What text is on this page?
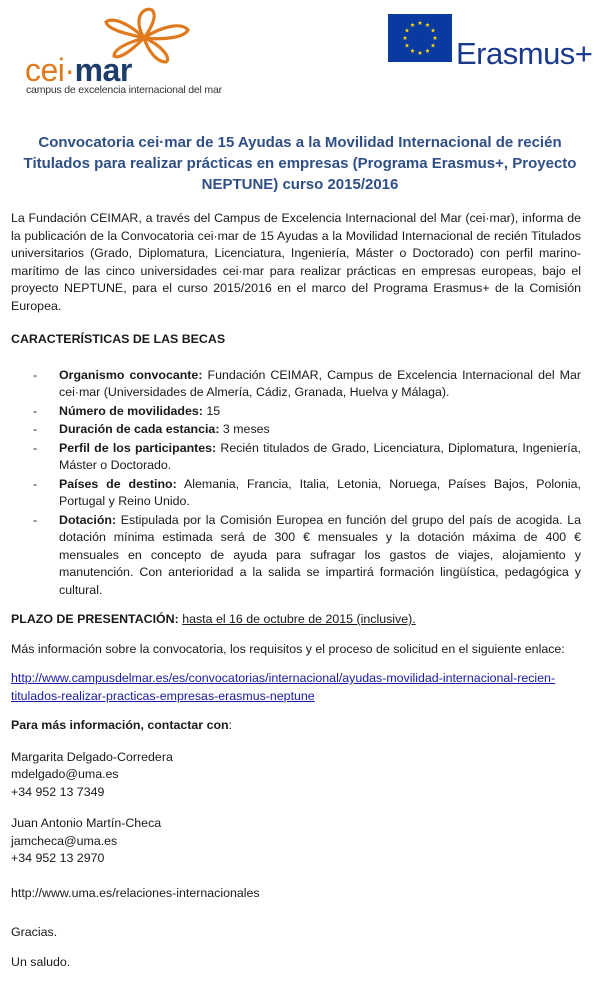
cei·mar
campus de excelencia internacional del mar
Erasmus+
Convocatoria cei·mar de 15 Ayudas a la Movilidad Internacional de recién
Titulados para realizar prácticas en empresas (Programa Erasmus+, Proyecto
NEPTUNE) curso 2015/2016

La Fundación CEIMAR, a través del Campus de Excelencia Internacional del Mar (cei·mar), informa de la publicación de la Convocatoria cei·mar de 15 Ayudas a la Movilidad Internacional de recién Titulados universitarios (Grado, Diplomatura, Licenciatura, Ingeniería, Máster o Doctorado) con perfil marino-marítimo de las cinco universidades cei·mar para realizar prácticas en empresas europeas, bajo el proyecto NEPTUNE, para el curso 2015/2016 en el marco del Programa Erasmus+ de la Comisión Europea.

CARACTERÍSTICAS DE LAS BECAS

- Organismo convocante: Fundación CEIMAR, Campus de Excelencia Internacional del Mar cei·mar (Universidades de Almería, Cádiz, Granada, Huelva y Málaga).
- Número de movilidades: 15
- Duración de cada estancia: 3 meses
- Perfil de los participantes: Recién titulados de Grado, Licenciatura, Diplomatura, Ingeniería, Máster o Doctorado.
- Países de destino: Alemania, Francia, Italia, Letonia, Noruega, Países Bajos, Polonia, Portugal y Reino Unido.
- Dotación: Estipulada por la Comisión Europea en función del grupo del país de acogida. La dotación mínima estimada será de 300 € mensuales y la dotación máxima de 400 € mensuales en concepto de ayuda para sufragar los gastos de viajes, alojamiento y manutención. Con anterioridad a la salida se impartirá formación lingüística, pedagógica y cultural.

PLAZO DE PRESENTACIÓN: hasta el 16 de octubre de 2015 (inclusive).

Más información sobre la convocatoria, los requisitos y el proceso de solicitud en el siguiente enlace:

http://www.campusdelmar.es/es/convocatorias/internacional/ayudas-movilidad-internacional-recien-titulados-realizar-practicas-empresas-erasmus-neptune

Para más información, contactar con:

Margarita Delgado-Corredera
mdelgado@uma.es
+34 952 13 7349
Juan Antonio Martín-Checa
jamcheca@uma.es
+34 952 13 2970

http://www.uma.es/relaciones-internacionales

Gracias.

Un saludo.
